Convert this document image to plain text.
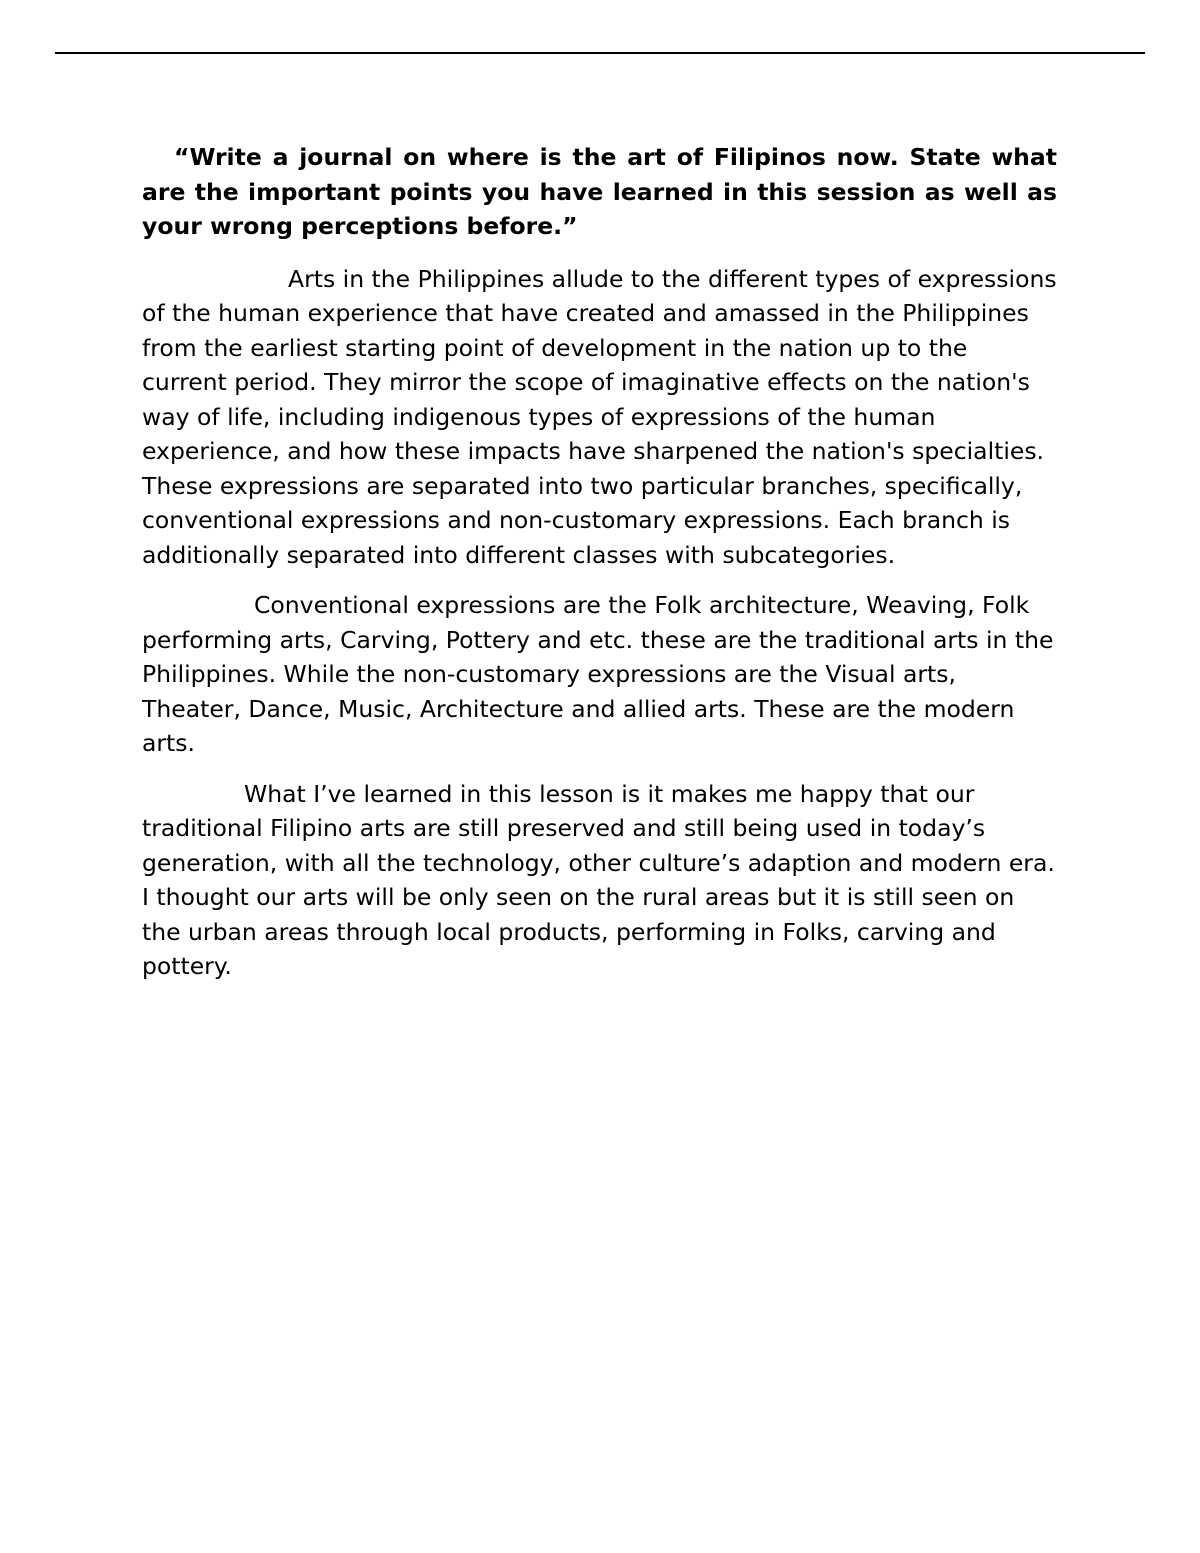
“Write a journal on where is the art of Filipinos now. State what are the important points you have learned in this session as well as your wrong perceptions before.”

Arts in the Philippines allude to the different types of expressions of the human experience that have created and amassed in the Philippines from the earliest starting point of development in the nation up to the current period. They mirror the scope of imaginative effects on the nation's way of life, including indigenous types of expressions of the human experience, and how these impacts have sharpened the nation's specialties. These expressions are separated into two particular branches, specifically, conventional expressions and non-customary expressions. Each branch is additionally separated into different classes with subcategories.

Conventional expressions are the Folk architecture, Weaving, Folk performing arts, Carving, Pottery and etc. these are the traditional arts in the Philippines. While the non-customary expressions are the Visual arts, Theater, Dance, Music, Architecture and allied arts. These are the modern arts.

What I’ve learned in this lesson is it makes me happy that our traditional Filipino arts are still preserved and still being used in today’s generation, with all the technology, other culture’s adaption and modern era. I thought our arts will be only seen on the rural areas but it is still seen on the urban areas through local products, performing in Folks, carving and pottery.
